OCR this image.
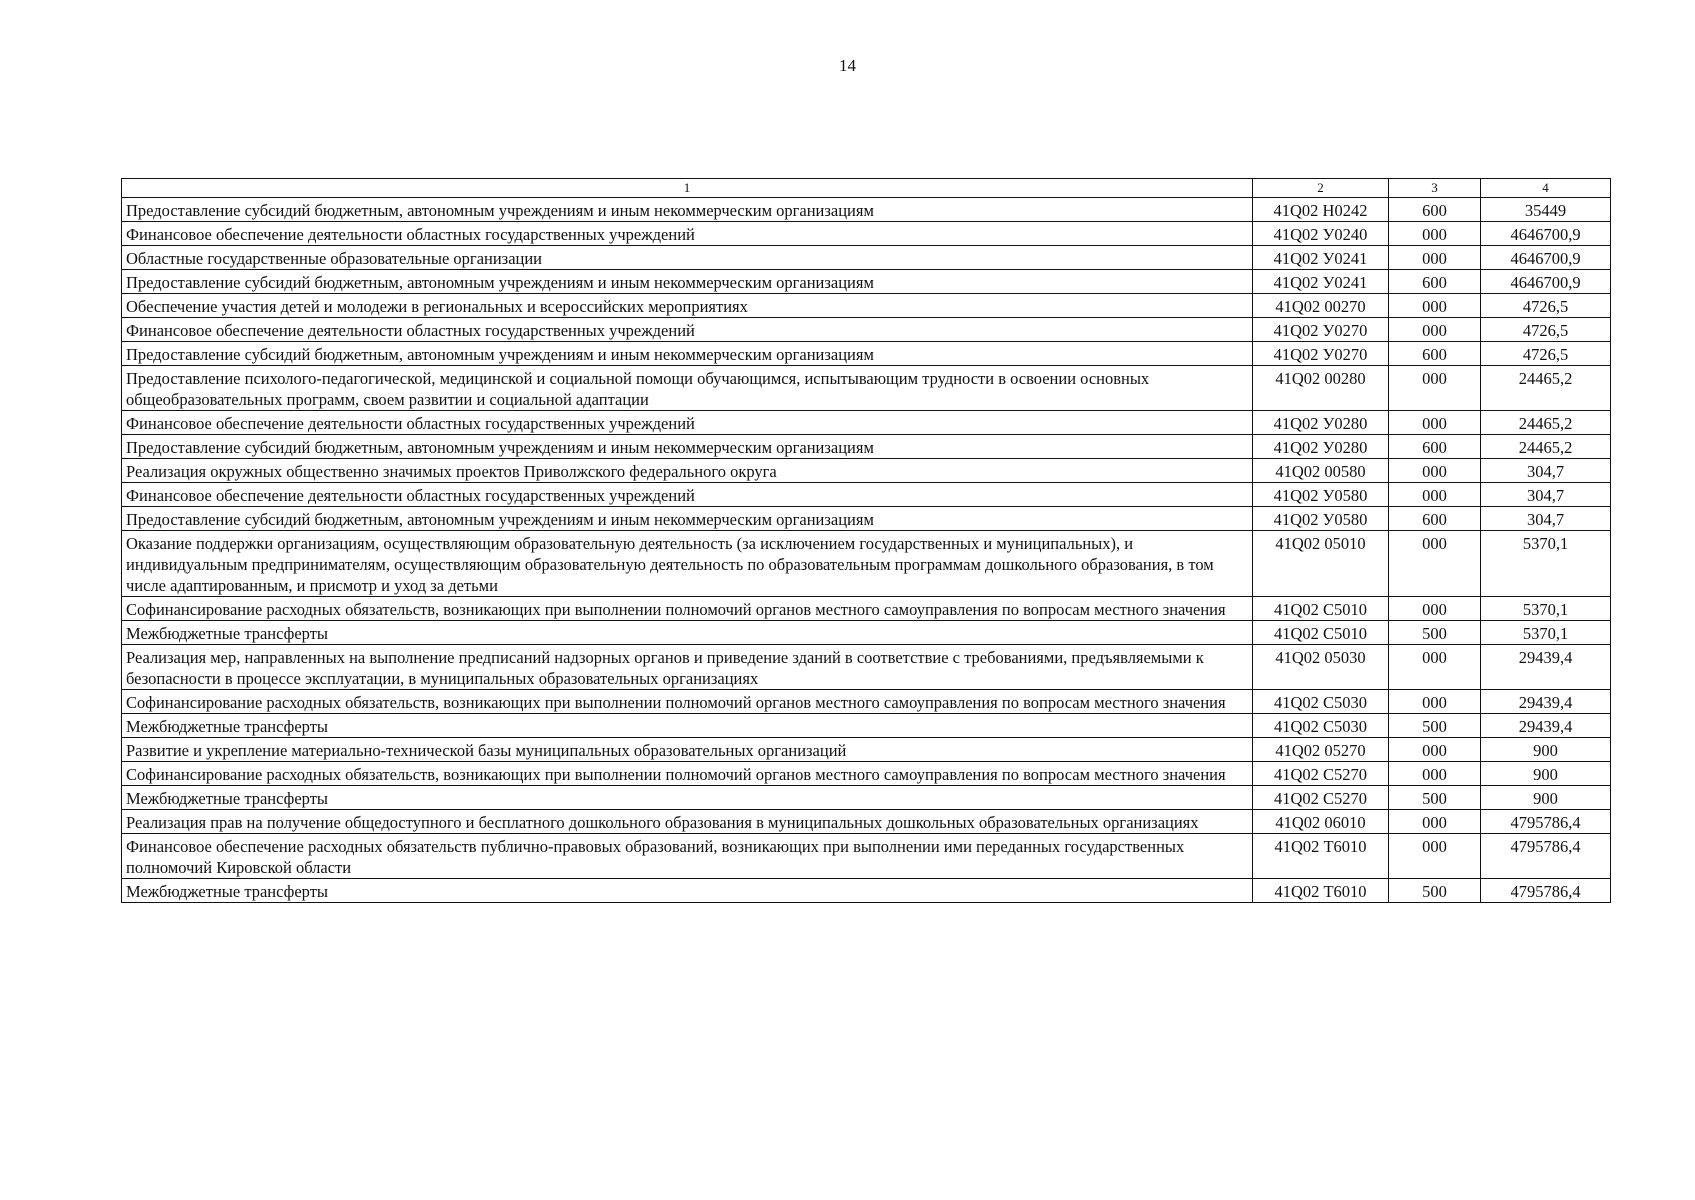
14
1	2	3	4
Предоставление субсидий бюджетным, автономным учреждениям и иным некоммерческим организациям	41Q02 Н0242	600	35449
Финансовое обеспечение деятельности областных государственных учреждений	41Q02 У0240	000	4646700,9
Областные государственные образовательные организации	41Q02 У0241	000	4646700,9
Предоставление субсидий бюджетным, автономным учреждениям и иным некоммерческим организациям	41Q02 У0241	600	4646700,9
Обеспечение участия детей и молодежи в региональных и всероссийских мероприятиях	41Q02 00270	000	4726,5
Финансовое обеспечение деятельности областных государственных учреждений	41Q02 У0270	000	4726,5
Предоставление субсидий бюджетным, автономным учреждениям и иным некоммерческим организациям	41Q02 У0270	600	4726,5
Предоставление психолого-педагогической, медицинской и социальной помощи обучающимся, испытывающим трудности в освоении основных общеобразовательных программ, своем развитии и социальной адаптации	41Q02 00280	000	24465,2
Финансовое обеспечение деятельности областных государственных учреждений	41Q02 У0280	000	24465,2
Предоставление субсидий бюджетным, автономным учреждениям и иным некоммерческим организациям	41Q02 У0280	600	24465,2
Реализация окружных общественно значимых проектов Приволжского федерального округа	41Q02 00580	000	304,7
Финансовое обеспечение деятельности областных государственных учреждений	41Q02 У0580	000	304,7
Предоставление субсидий бюджетным, автономным учреждениям и иным некоммерческим организациям	41Q02 У0580	600	304,7
Оказание поддержки организациям, осуществляющим образовательную деятельность (за исключением государственных и муниципальных), и индивидуальным предпринимателям, осуществляющим образовательную деятельность по образовательным программам дошкольного образования, в том числе адаптированным, и присмотр и уход за детьми	41Q02 05010	000	5370,1
Софинансирование расходных обязательств, возникающих при выполнении полномочий органов местного самоуправления по вопросам местного значения	41Q02 С5010	000	5370,1
Межбюджетные трансферты	41Q02 С5010	500	5370,1
Реализация мер, направленных на выполнение предписаний надзорных органов и приведение зданий в соответствие с требованиями, предъявляемыми к безопасности в процессе эксплуатации, в муниципальных образовательных организациях	41Q02 05030	000	29439,4
Софинансирование расходных обязательств, возникающих при выполнении полномочий органов местного самоуправления по вопросам местного значения	41Q02 С5030	000	29439,4
Межбюджетные трансферты	41Q02 С5030	500	29439,4
Развитие и укрепление материально-технической базы муниципальных образовательных организаций	41Q02 05270	000	900
Софинансирование расходных обязательств, возникающих при выполнении полномочий органов местного самоуправления по вопросам местного значения	41Q02 С5270	000	900
Межбюджетные трансферты	41Q02 С5270	500	900
Реализация прав на получение общедоступного и бесплатного дошкольного образования в муниципальных дошкольных образовательных организациях	41Q02 06010	000	4795786,4
Финансовое обеспечение расходных обязательств публично-правовых образований, возникающих при выполнении ими переданных государственных полномочий Кировской области	41Q02 Т6010	000	4795786,4
Межбюджетные трансферты	41Q02 Т6010	500	4795786,4
